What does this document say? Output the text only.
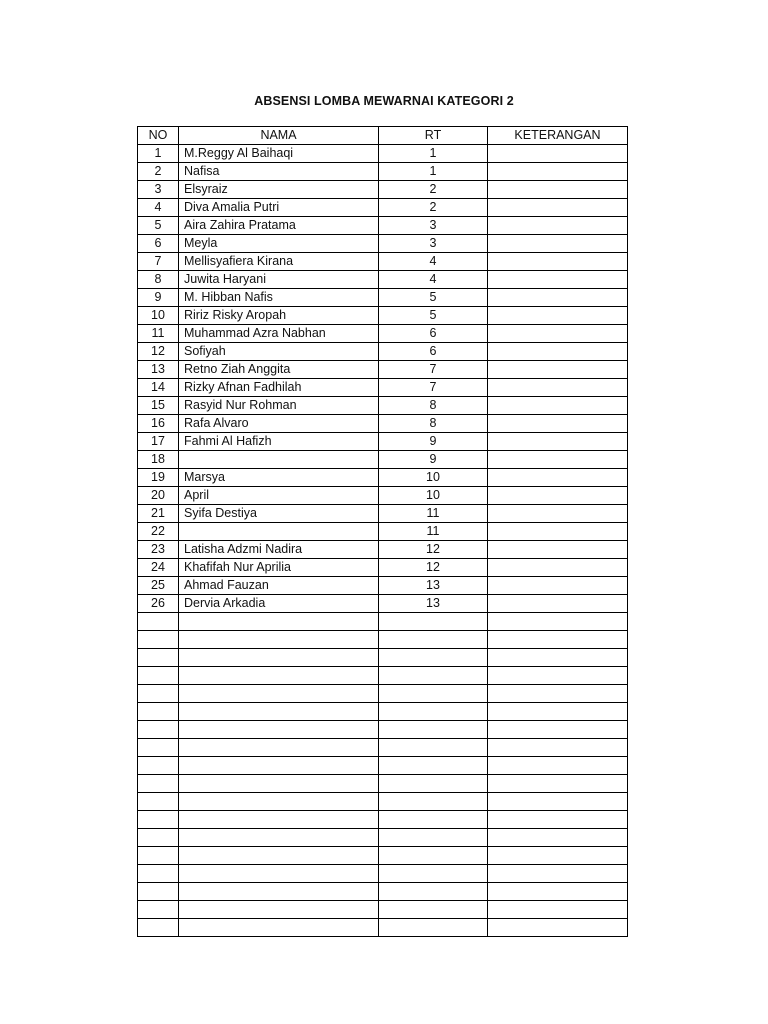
ABSENSI LOMBA MEWARNAI KATEGORI 2
NO	NAMA	RT	KETERANGAN
1	M.Reggy Al Baihaqi	1	
2	Nafisa	1	
3	Elsyraiz	2	
4	Diva Amalia Putri	2	
5	Aira Zahira Pratama	3	
6	Meyla	3	
7	Mellisyafiera Kirana	4	
8	Juwita Haryani	4	
9	M. Hibban Nafis	5	
10	Ririz Risky Aropah	5	
11	Muhammad Azra Nabhan	6	
12	Sofiyah	6	
13	Retno Ziah Anggita	7	
14	Rizky Afnan Fadhilah	7	
15	Rasyid Nur Rohman	8	
16	Rafa Alvaro	8	
17	Fahmi Al Hafizh	9	
18		9	
19	Marsya	10	
20	April	10	
21	Syifa Destiya	11	
22		11	
23	Latisha Adzmi Nadira	12	
24	Khafifah Nur Aprilia	12	
25	Ahmad Fauzan	13	
26	Dervia Arkadia	13	
